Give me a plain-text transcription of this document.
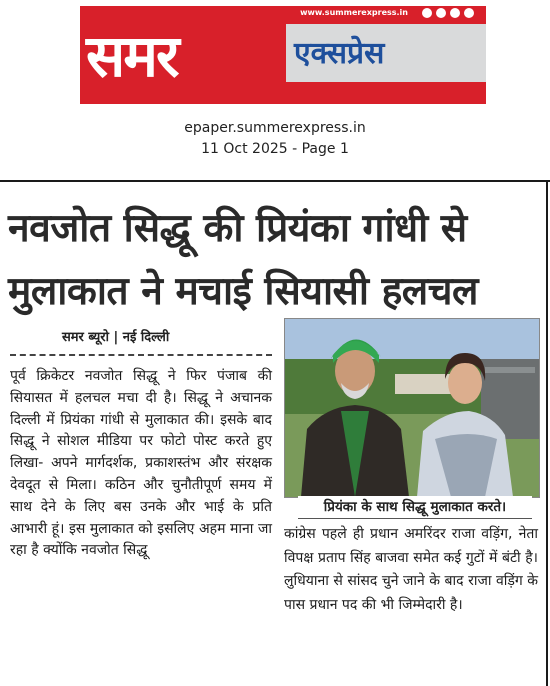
www.summerexpress.in
समर	एक्सप्रेस
epaper.summerexpress.in
11 Oct 2025 - Page 1
नवजोत सिद्धू की प्रियंका गांधी से
मुलाकात ने मचाई सियासी हलचल
समर ब्यूरो | नई दिल्ली
पूर्व क्रिकेटर नवजोत सिद्धू ने फिर पंजाब की सियासत में हलचल मचा दी है। सिद्धू ने अचानक दिल्ली में प्रियंका गांधी से मुलाकात की। इसके बाद सिद्धू ने सोशल मीडिया पर फोटो पोस्ट करते हुए लिखा- अपने मार्गदर्शक, प्रकाशस्तंभ और संरक्षक देवदूत से मिला। कठिन और चुनौतीपूर्ण समय में साथ देने के लिए बस उनके और भाई के प्रति आभारी हूं। इस मुलाकात को इसलिए अहम माना जा रहा है क्योंकि नवजोत सिद्धू
प्रियंका के साथ सिद्धू मुलाकात करते।
कांग्रेस पहले ही प्रधान अमरिंदर राजा वड़िंग, नेता विपक्ष प्रताप सिंह बाजवा समेत कई गुटों में बंटी है। लुधियाना से सांसद चुने जाने के बाद राजा वड़िंग के पास प्रधान पद की भी जिम्मेदारी है।
